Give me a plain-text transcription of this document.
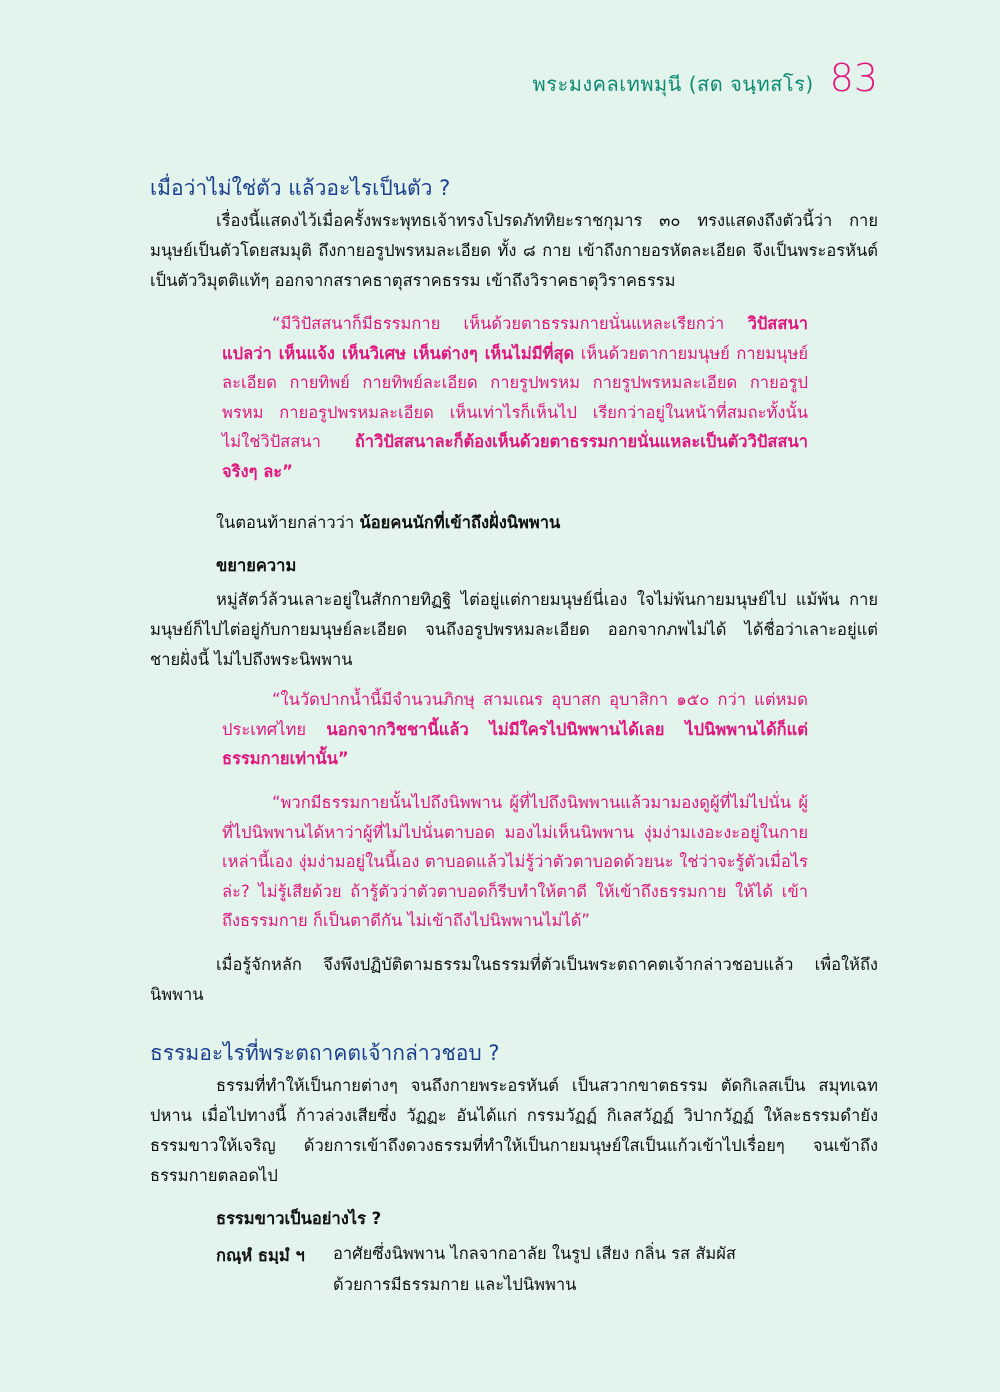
พระมงคลเทพมุนี (สด จนฺทสโร) 83
เมื่อว่าไม่ใช่ตัว แล้วอะไรเป็นตัว ?
เรื่องนี้แสดงไว้เมื่อครั้งพระพุทธเจ้าทรงโปรดภัททิยะราชกุมาร ๓๐ ทรงแสดงถึงตัวนี้ว่า กายมนุษย์เป็นตัวโดยสมมุติ ถึงกายอรูปพรหมละเอียด ทั้ง ๘ กาย เข้าถึงกายอรหัตละเอียด จึงเป็นพระอรหันต์ เป็นตัววิมุตติแท้ๆ ออกจากสราคธาตุสราคธรรม เข้าถึงวิราคธาตุวิราคธรรม
“มีวิปัสสนาก็มีธรรมกาย เห็นด้วยตาธรรมกายนั่นแหละเรียกว่า วิปัสสนา แปลว่า เห็นแจ้ง เห็นวิเศษ เห็นต่างๆ เห็นไม่มีที่สุด เห็นด้วยตากายมนุษย์ กายมนุษย์ละเอียด กายทิพย์ กายทิพย์ละเอียด กายรูปพรหม กายรูปพรหมละเอียด กายอรูปพรหม กายอรูปพรหมละเอียด เห็นเท่าไรก็เห็นไป เรียกว่าอยู่ในหน้าที่สมถะทั้งนั้น ไม่ใช่วิปัสสนา ถ้าวิปัสสนาละก็ต้องเห็นด้วยตาธรรมกายนั่นแหละเป็นตัววิปัสสนาจริงๆ ละ”
ในตอนท้ายกล่าวว่า น้อยคนนักที่เข้าถึงฝั่งนิพพาน
ขยายความ
หมู่สัตว์ล้วนเลาะอยู่ในสักกายทิฏฐิ ไต่อยู่แต่กายมนุษย์นี่เอง ใจไม่พ้นกายมนุษย์ไป แม้พ้น กายมนุษย์ก็ไปไต่อยู่กับกายมนุษย์ละเอียด จนถึงอรูปพรหมละเอียด ออกจากภพไม่ได้ ได้ชื่อว่าเลาะอยู่แต่ชายฝั่งนี้ ไม่ไปถึงพระนิพพาน
“ในวัดปากน้ำนี้มีจำนวนภิกษุ สามเณร อุบาสก อุบาสิกา ๑๕๐ กว่า แต่หมดประเทศไทย นอกจากวิชชานี้แล้ว ไม่มีใครไปนิพพานได้เลย ไปนิพพานได้ก็แต่ธรรมกายเท่านั้น”
“พวกมีธรรมกายนั้นไปถึงนิพพาน ผู้ที่ไปถึงนิพพานแล้วมามองดูผู้ที่ไม่ไปนั่น ผู้ที่ไปนิพพานได้หาว่าผู้ที่ไม่ไปนั่นตาบอด มองไม่เห็นนิพพาน งุ่มง่ามเงอะงะอยู่ในกายเหล่านี้เอง งุ่มง่ามอยู่ในนี้เอง ตาบอดแล้วไม่รู้ว่าตัวตาบอดด้วยนะ ใช่ว่าจะรู้ตัวเมื่อไรล่ะ? ไม่รู้เสียด้วย ถ้ารู้ตัวว่าตัวตาบอดก็รีบทำให้ตาดี ให้เข้าถึงธรรมกาย ให้ได้ เข้าถึงธรรมกาย ก็เป็นตาดีกัน ไม่เข้าถึงไปนิพพานไม่ได้”
เมื่อรู้จักหลัก จึงพึงปฏิบัติตามธรรมในธรรมที่ตัวเป็นพระตถาคตเจ้ากล่าวชอบแล้ว เพื่อให้ถึงนิพพาน
ธรรมอะไรที่พระตถาคตเจ้ากล่าวชอบ ?
ธรรมที่ทำให้เป็นกายต่างๆ จนถึงกายพระอรหันต์ เป็นสวากขาตธรรม ตัดกิเลสเป็น สมุทเฉทปหาน เมื่อไปทางนี้ ก้าวล่วงเสียซึ่ง วัฏฏะ อันได้แก่ กรรมวัฏฏ์ กิเลสวัฏฏ์ วิปากวัฏฏ์ ให้ละธรรมดำยังธรรมขาวให้เจริญ ด้วยการเข้าถึงดวงธรรมที่ทำให้เป็นกายมนุษย์ใสเป็นแก้วเข้าไปเรื่อยๆ จนเข้าถึงธรรมกายตลอดไป
ธรรมขาวเป็นอย่างไร ?
กณฺหํ ธมฺมํ ฯ อาศัยซึ่งนิพพาน ไกลจากอาลัย ในรูป เสียง กลิ่น รส สัมผัส
ด้วยการมีธรรมกาย และไปนิพพาน
